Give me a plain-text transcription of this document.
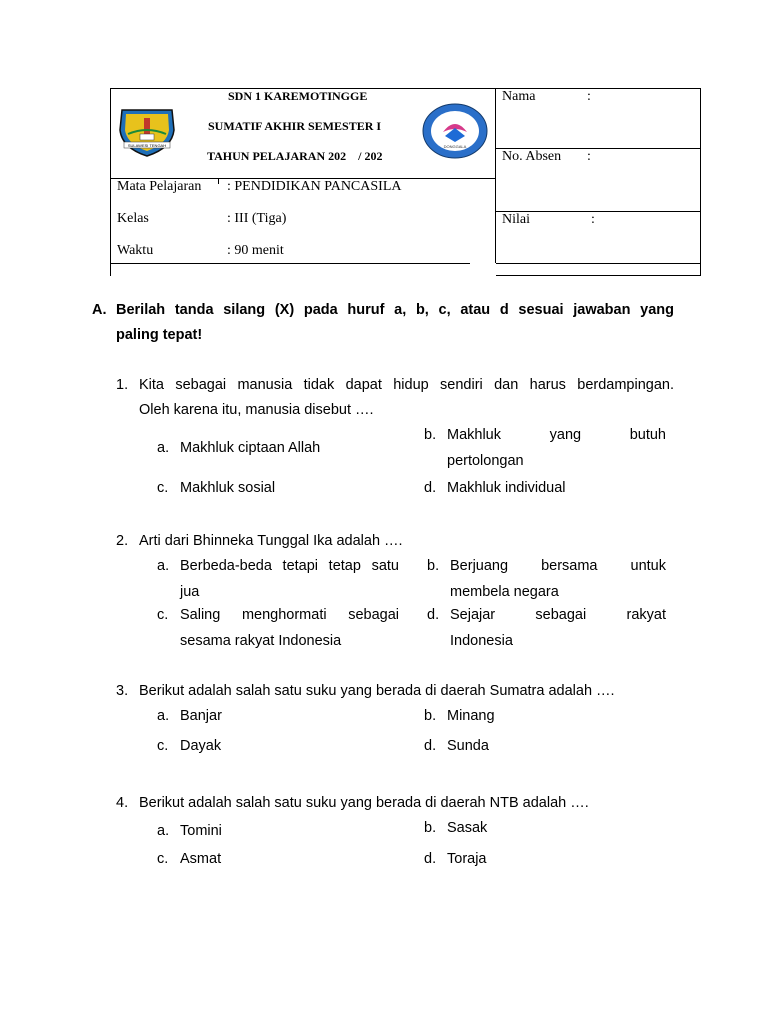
SULAWESI TENGAH	DONGGALA
SDN 1 KAREMOTINGGE
SUMATIF AKHIR SEMESTER I
TAHUN PELAJARAN 202    / 202
Mata Pelajaran : PENDIDIKAN PANCASILA
Kelas	: III (Tiga)
Waktu	: 90 menit
Nama	:
No. Absen :
Nilai	:
A. Berilah tanda silang (X) pada huruf a, b, c, atau d sesuai jawaban yang
paling tepat!
1. Kita sebagai manusia tidak dapat hidup sendiri dan harus berdampingan.
Oleh karena itu, manusia disebut ….
a. Makhluk ciptaan Allah
b. Makhluk yang butuh
pertolongan
c. Makhluk sosial	d. Makhluk individual
2. Arti dari Bhinneka Tunggal Ika adalah ….
a. Berbeda-beda tetapi tetap satu
jua
b. Berjuang bersama untuk
membela negara
c. Saling menghormati sebagai
sesama rakyat Indonesia
d. Sejajar sebagai rakyat
Indonesia
3. Berikut adalah salah satu suku yang berada di daerah Sumatra adalah ….
a. Banjar	b. Minang
c. Dayak	d. Sunda
4. Berikut adalah salah satu suku yang berada di daerah NTB adalah ….
a. Tomini	b. Sasak
c. Asmat	d. Toraja
